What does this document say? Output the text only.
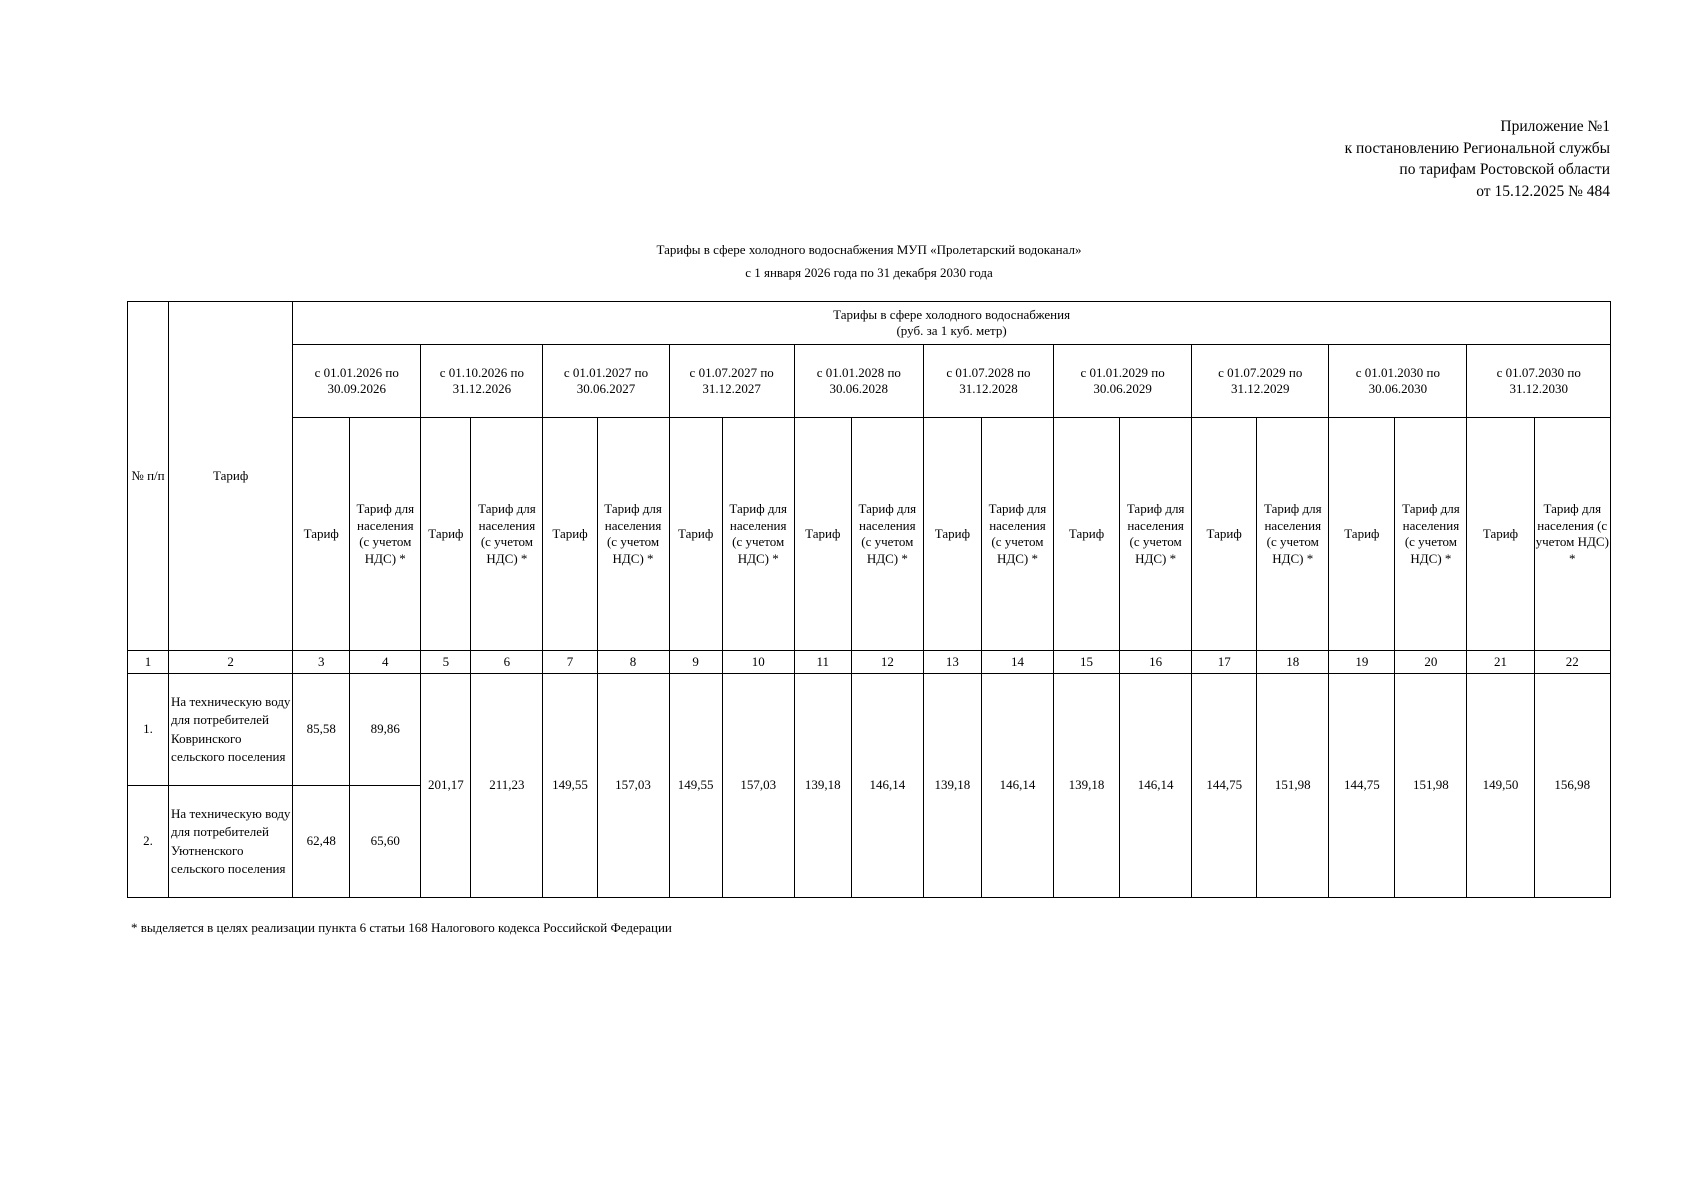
Приложение №1
к постановлению Региональной службы
по тарифам Ростовской области
от 15.12.2025 № 484
Тарифы в сфере холодного водоснабжения МУП «Пролетарский водоканал»
с 1 января 2026 года по 31 декабря 2030 года
№ п/п	Тариф	Тарифы в сфере холодного водоснабжения
(руб. за 1 куб. метр)																			

		с 01.01.2026 по 30.09.2026		с 01.10.2026 по 31.12.2026		с 01.01.2027 по 30.06.2027		с 01.07.2027 по 31.12.2027		с 01.01.2028 по 30.06.2028		с 01.07.2028 по 31.12.2028		с 01.01.2029 по 30.06.2029		с 01.07.2029 по 31.12.2029		с 01.01.2030 по 30.06.2030		с 01.07.2030 по 31.12.2030	
		Тариф	Тариф для населения (с учетом НДС) *	Тариф	Тариф для населения (с учетом НДС) *	Тариф	Тариф для населения (с учетом НДС) *	Тариф	Тариф для населения (с учетом НДС) *	Тариф	Тариф для населения (с учетом НДС) *	Тариф	Тариф для населения (с учетом НДС) *	Тариф	Тариф для населения (с учетом НДС) *	Тариф	Тариф для населения (с учетом НДС) *	Тариф	Тариф для населения (с учетом НДС) *	Тариф	Тариф для населения (с учетом НДС) *
1	2	3	4	5	6	7	8	9	10	11	12	13	14	15	16	17	18	19	20	21	22
1.	На техническую воду для потребителей Ковринского сельского поселения	85,58	89,86	201,17	211,23	149,55	157,03	149,55	157,03	139,18	146,14	139,18	146,14	139,18	146,14	144,75	151,98	144,75	151,98	149,50	156,98
2.	На техническую воду для потребителей Уютненского сельского поселения	62,48	65,60																		
* выделяется в целях реализации пункта 6 статьи 168 Налогового кодекса Российской Федерации
